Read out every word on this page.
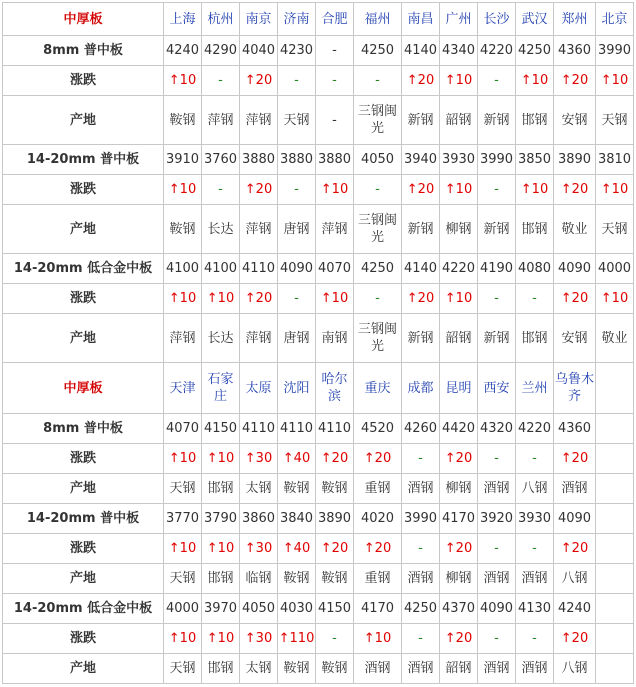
中厚板	上海	杭州	南京	济南	合肥	福州	南昌	广州	长沙	武汉	郑州	北京
8mm 普中板	4240	4290	4040	4230	-	4250	4140	4340	4220	4250	4360	3990
涨跌	↑10	-	↑20	-	-	-	↑20	↑10	-	↑10	↑20	↑10
产地	鞍钢	萍钢	萍钢	天钢	-	三钢闽光	新钢	韶钢	新钢	邯钢	安钢	天钢
14-20mm 普中板	3910	3760	3880	3880	3880	4050	3940	3930	3990	3850	3890	3810
涨跌	↑10	-	↑20	-	↑10	-	↑20	↑10	-	↑10	↑20	↑10
产地	鞍钢	长达	萍钢	唐钢	萍钢	三钢闽光	新钢	柳钢	新钢	邯钢	敬业	天钢
14-20mm 低合金中板	4100	4100	4110	4090	4070	4250	4140	4220	4190	4080	4090	4000
涨跌	↑10	↑10	↑20	-	↑10	-	↑20	↑10	-	-	↑20	↑10
产地	萍钢	长达	萍钢	唐钢	南钢	三钢闽光	新钢	韶钢	新钢	邯钢	安钢	敬业
中厚板	天津	石家庄	太原	沈阳	哈尔滨	重庆	成都	昆明	西安	兰州	乌鲁木齐	
8mm 普中板	4070	4150	4110	4110	4110	4520	4260	4420	4320	4220	4360	
涨跌	↑10	↑10	↑30	↑40	↑20	↑20	-	↑20	-	-	↑20	
产地	天钢	邯钢	太钢	鞍钢	鞍钢	重钢	酒钢	柳钢	酒钢	八钢	酒钢	
14-20mm 普中板	3770	3790	3860	3840	3890	4020	3990	4170	3920	3930	4090	
涨跌	↑10	↑10	↑30	↑40	↑20	↑20	-	↑20	-	-	↑20	
产地	天钢	邯钢	临钢	鞍钢	鞍钢	重钢	酒钢	柳钢	酒钢	酒钢	八钢	
14-20mm 低合金中板	4000	3970	4050	4030	4150	4170	4250	4370	4090	4130	4240	
涨跌	↑10	↑10	↑30	↑110	-	↑10	-	↑20	-	-	↑20	
产地	天钢	邯钢	太钢	鞍钢	鞍钢	酒钢	酒钢	韶钢	酒钢	酒钢	八钢	
